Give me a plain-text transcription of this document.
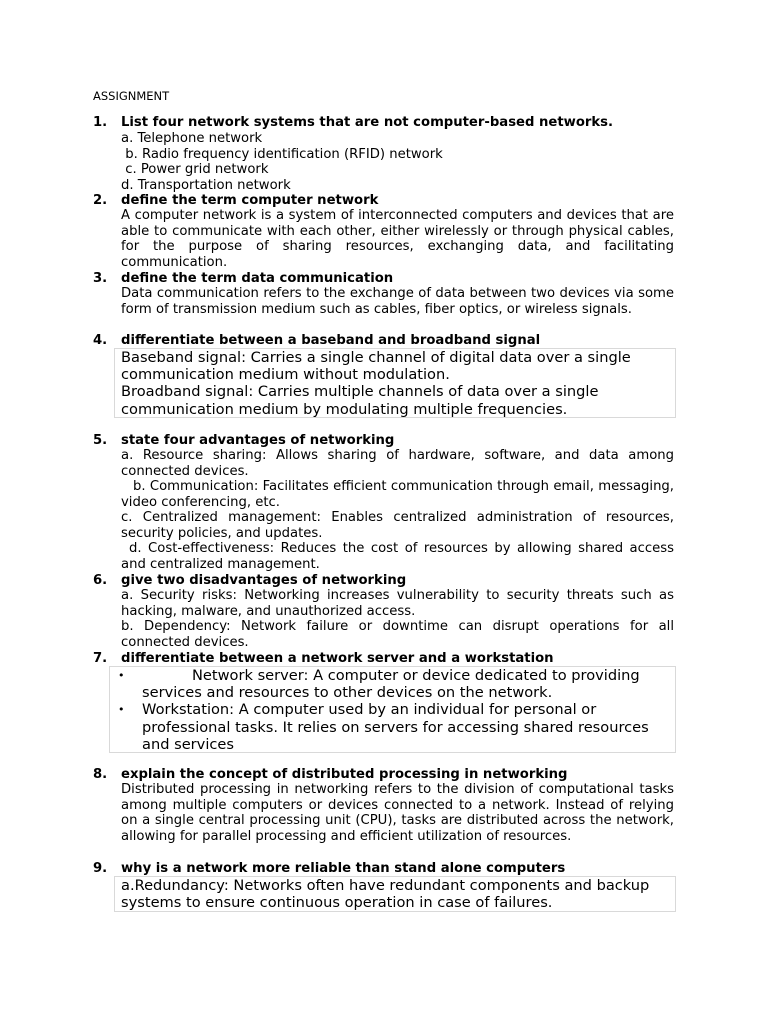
ASSIGNMENT
1. List four network systems that are not computer-based networks.
a. Telephone network
b. Radio frequency identification (RFID) network
c. Power grid network
d. Transportation network
2. define the term computer network
A computer network is a system of interconnected computers and devices that are able to communicate with each other, either wirelessly or through physical cables, for the purpose of sharing resources, exchanging data, and facilitating communication.
3. define the term data communication
Data communication refers to the exchange of data between two devices via some form of transmission medium such as cables, fiber optics, or wireless signals.
4. differentiate between a baseband and broadband signal

Baseband signal: Carries a single channel of digital data over a single communication medium without modulation.

Broadband signal: Carries multiple channels of data over a single communication medium by modulating multiple frequencies.

5. state four advantages of networking
a. Resource sharing: Allows sharing of hardware, software, and data among connected devices.
b. Communication: Facilitates efficient communication through email, messaging, video conferencing, etc.
c. Centralized management: Enables centralized administration of resources, security policies, and updates.
d. Cost-effectiveness: Reduces the cost of resources by allowing shared access and centralized management.
6. give two disadvantages of networking
a. Security risks: Networking increases vulnerability to security threats such as hacking, malware, and unauthorized access.
b. Dependency: Network failure or downtime can disrupt operations for all connected devices.
7. differentiate between a network server and a workstation
•	Network server: A computer or device dedicated to providing services and resources to other devices on the network.
• Workstation: A computer used by an individual for personal or professional tasks. It relies on servers for accessing shared resources and services
8. explain the concept of distributed processing in networking
Distributed processing in networking refers to the division of computational tasks among multiple computers or devices connected to a network. Instead of relying on a single central processing unit (CPU), tasks are distributed across the network, allowing for parallel processing and efficient utilization of resources.
9. why is a network more reliable than stand alone computers

a.Redundancy: Networks often have redundant components and backup systems to ensure continuous operation in case of failures.
